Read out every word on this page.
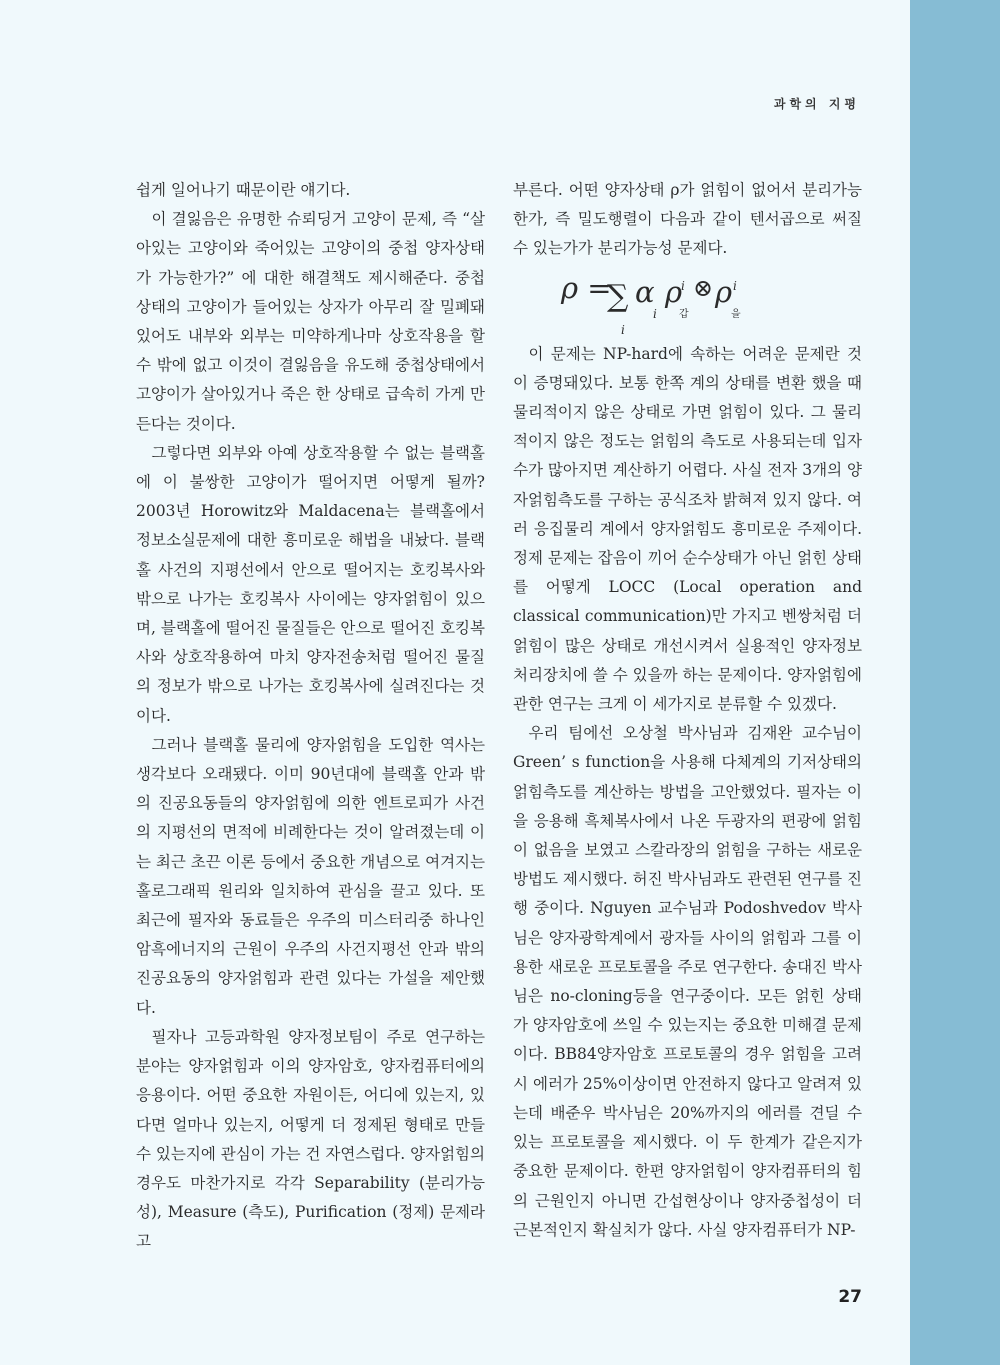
과학의 지평

쉽게 일어나기 때문이란 얘기다.

이 결잃음은 유명한 슈뢰딩거 고양이 문제, 즉 “살아있는 고양이와 죽어있는 고양이의 중첩 양자상태가 가능한가?” 에 대한 해결책도 제시해준다. 중첩상태의 고양이가 들어있는 상자가 아무리 잘 밀폐돼 있어도 내부와 외부는 미약하게나마 상호작용을 할 수 밖에 없고 이것이 결잃음을 유도해 중첩상태에서 고양이가 살아있거나 죽은 한 상태로 급속히 가게 만든다는 것이다.

그렇다면 외부와 아예 상호작용할 수 없는 블랙홀에 이 불쌍한 고양이가 떨어지면 어떻게 될까? 2003년 Horowitz와 Maldacena는 블랙홀에서 정보소실문제에 대한 흥미로운 해법을 내놨다. 블랙홀 사건의 지평선에서 안으로 떨어지는 호킹복사와 밖으로 나가는 호킹복사 사이에는 양자얽힘이 있으며, 블랙홀에 떨어진 물질들은 안으로 떨어진 호킹복사와 상호작용하여 마치 양자전송처럼 떨어진 물질의 정보가 밖으로 나가는 호킹복사에 실려진다는 것이다.

그러나 블랙홀 물리에 양자얽힘을 도입한 역사는 생각보다 오래됐다. 이미 90년대에 블랙홀 안과 밖의 진공요동들의 양자얽힘에 의한 엔트로피가 사건의 지평선의 면적에 비례한다는 것이 알려졌는데 이는 최근 초끈 이론 등에서 중요한 개념으로 여겨지는 홀로그래픽 원리와 일치하여 관심을 끌고 있다. 또 최근에 필자와 동료들은 우주의 미스터리중 하나인 암흑에너지의 근원이 우주의 사건지평선 안과 밖의 진공요동의 양자얽힘과 관련 있다는 가설을 제안했다.

필자나 고등과학원 양자정보팀이 주로 연구하는 분야는 양자얽힘과 이의 양자암호, 양자컴퓨터에의 응용이다. 어떤 중요한 자원이든, 어디에 있는지, 있다면 얼마나 있는지, 어떻게 더 정제된 형태로 만들 수 있는지에 관심이 가는 건 자연스럽다. 양자얽힘의 경우도 마찬가지로 각각 Separability (분리가능성), Measure (측도), Purification (정제) 문제라고

부른다. 어떤 양자상태 ρ가 얽힘이 없어서 분리가능한가, 즉 밀도행렬이 다음과 같이 텐서곱으로 써질 수 있는가가 분리가능성 문제다.

ρ =
∑
i
α
i
ρ
i
갑
⊗ ρ i
을

이 문제는 NP-hard에 속하는 어려운 문제란 것이 증명돼있다. 보통 한쪽 계의 상태를 변환 했을 때 물리적이지 않은 상태로 가면 얽힘이 있다. 그 물리적이지 않은 정도는 얽힘의 측도로 사용되는데 입자 수가 많아지면 계산하기 어렵다. 사실 전자 3개의 양자얽힘측도를 구하는 공식조차 밝혀져 있지 않다. 여러 응집물리 계에서 양자얽힘도 흥미로운 주제이다. 정제 문제는 잡음이 끼어 순수상태가 아닌 얽힌 상태를 어떻게 LOCC (Local operation and classical communication)만 가지고 벤쌍처럼 더 얽힘이 많은 상태로 개선시켜서 실용적인 양자정보처리장치에 쓸 수 있을까 하는 문제이다. 양자얽힘에 관한 연구는 크게 이 세가지로 분류할 수 있겠다.

우리 팀에선 오상철 박사님과 김재완 교수님이 Green’ s function을 사용해 다체계의 기저상태의 얽힘측도를 계산하는 방법을 고안했었다. 필자는 이을 응용해 흑체복사에서 나온 두광자의 편광에 얽힘이 없음을 보였고 스칼라장의 얽힘을 구하는 새로운 방법도 제시했다. 허진 박사님과도 관련된 연구를 진행 중이다. Nguyen 교수님과 Podoshvedov 박사님은 양자광학계에서 광자들 사이의 얽힘과 그를 이용한 새로운 프로토콜을 주로 연구한다. 송대진 박사님은 no-cloning등을 연구중이다. 모든 얽힌 상태가 양자암호에 쓰일 수 있는지는 중요한 미해결 문제이다. BB84양자암호 프로토콜의 경우 얽힘을 고려시 에러가 25%이상이면 안전하지 않다고 알려져 있는데 배준우 박사님은 20%까지의 에러를 견딜 수 있는 프로토콜을 제시했다. 이 두 한계가 같은지가 중요한 문제이다. 한편 양자얽힘이 양자컴퓨터의 힘의 근원인지 아니면 간섭현상이나 양자중첩성이 더 근본적인지 확실치가 않다. 사실 양자컴퓨터가 NP-

27
